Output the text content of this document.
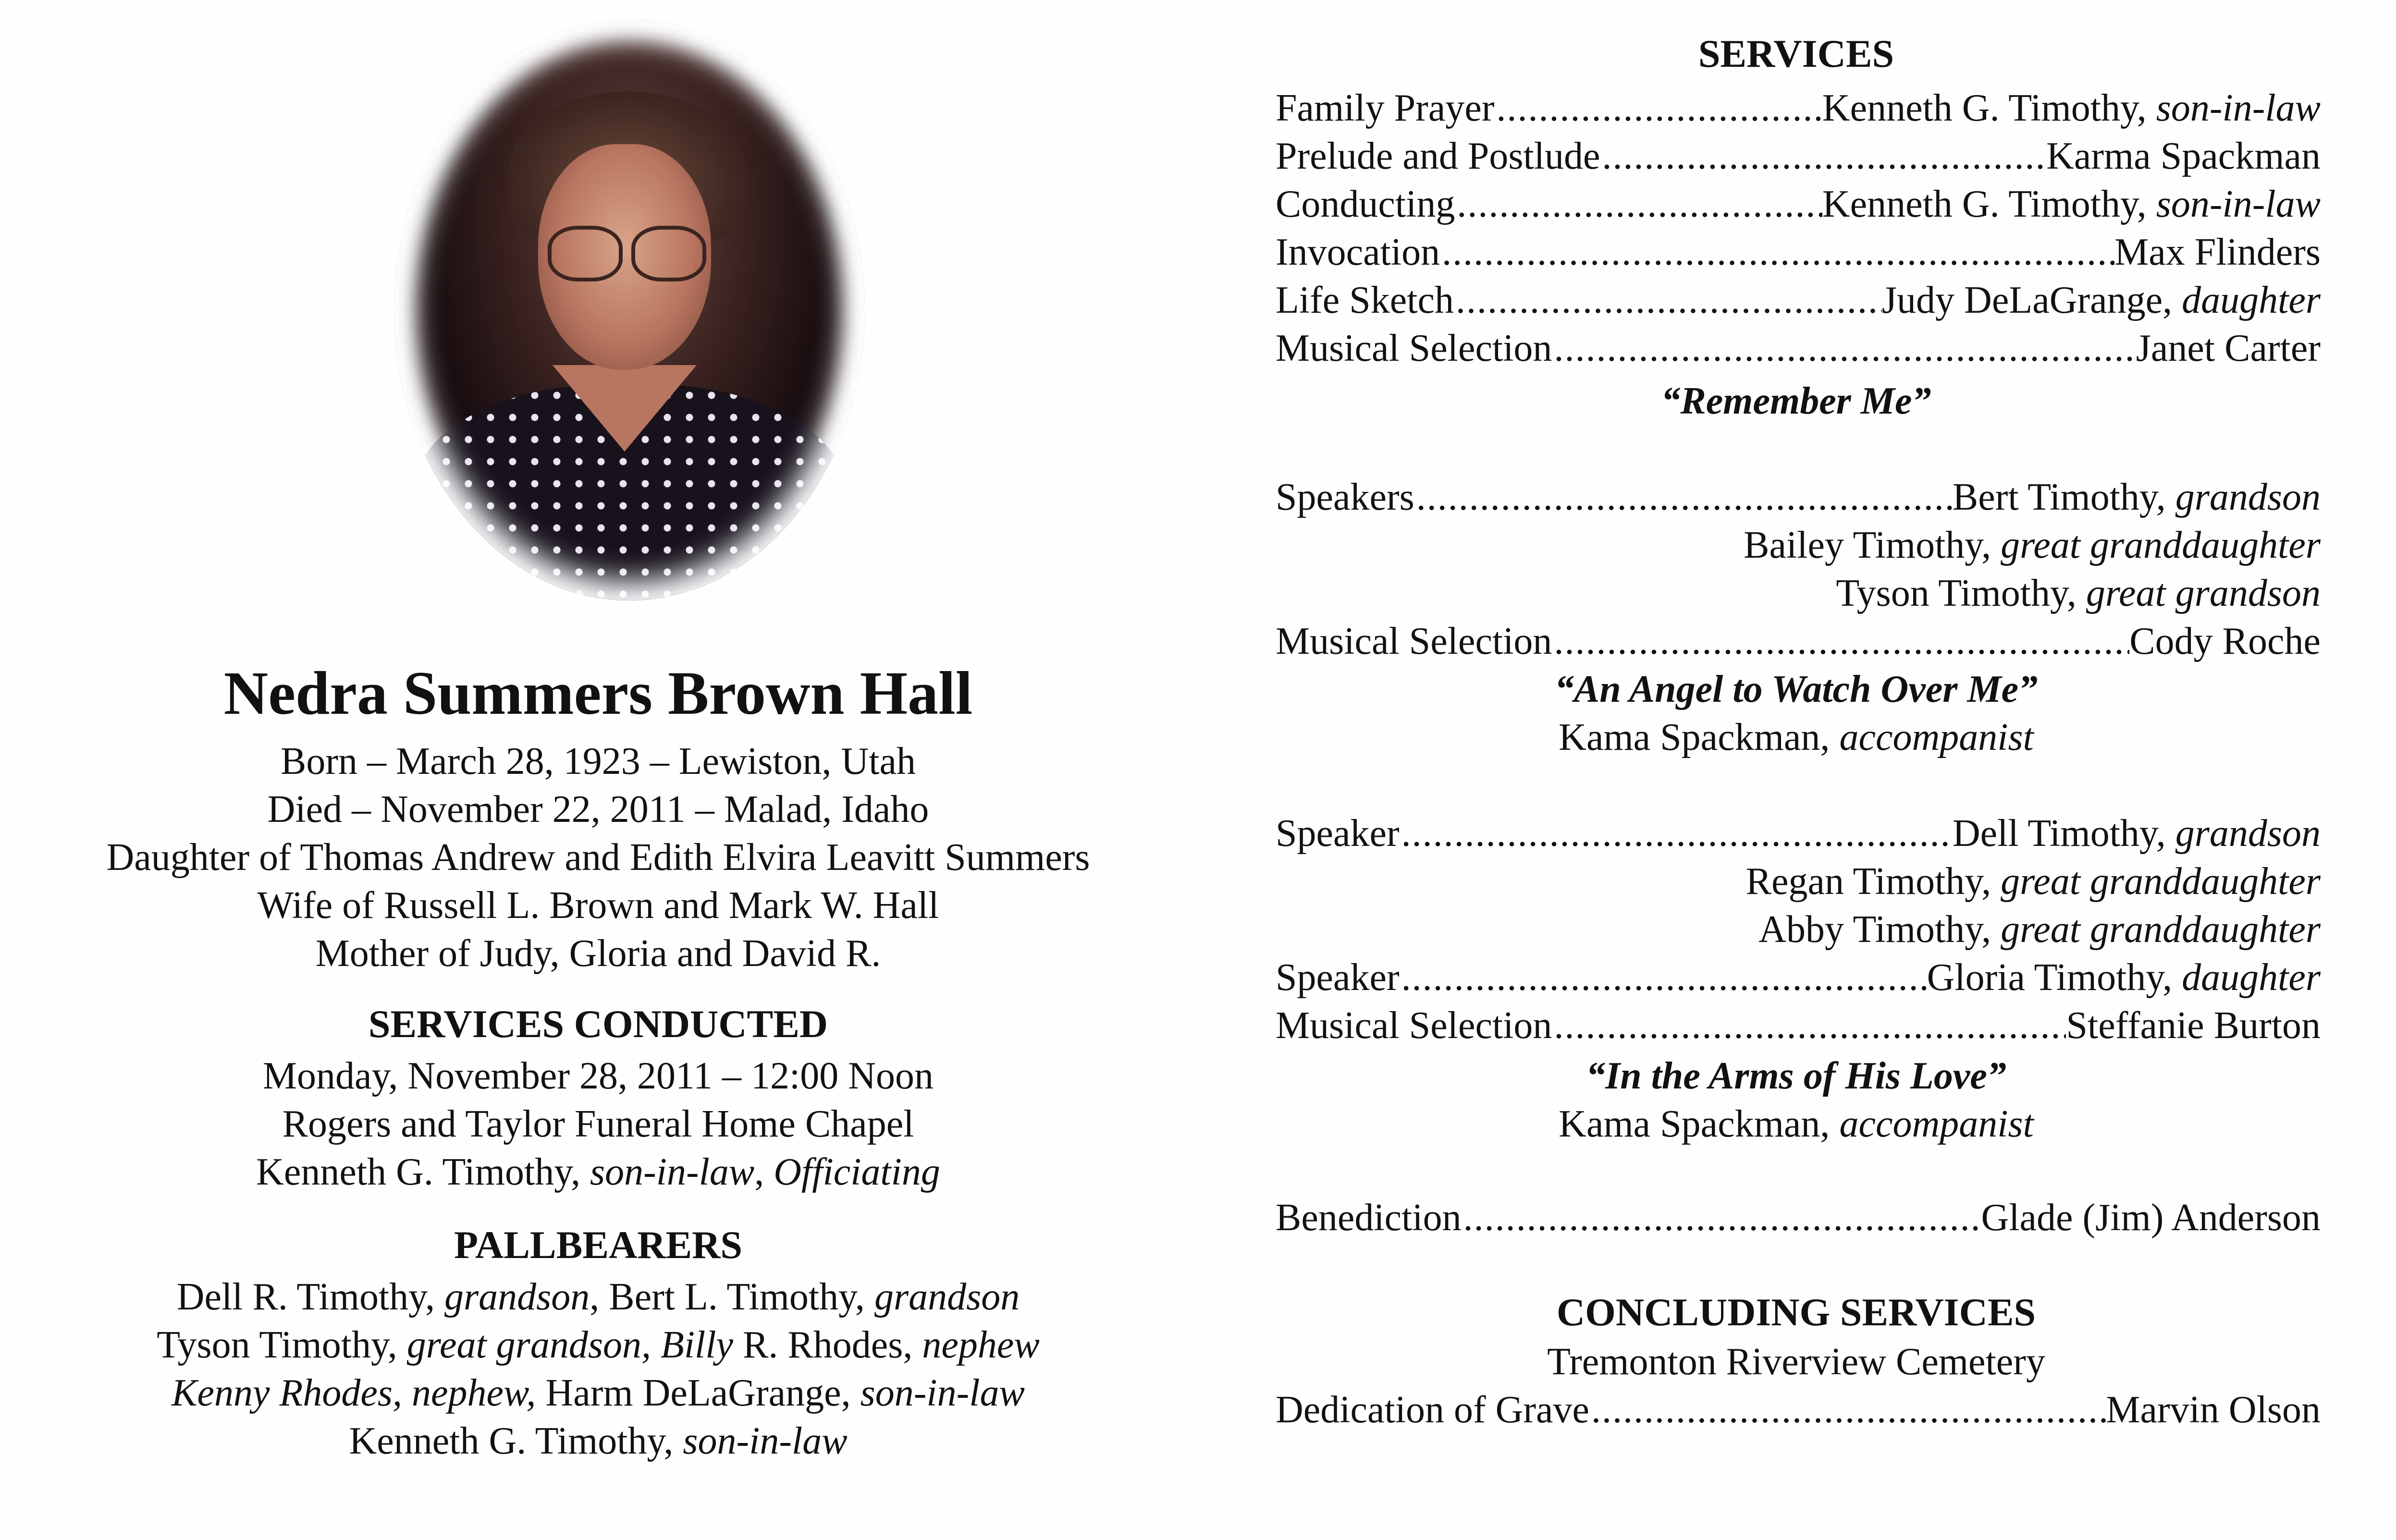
Nedra Summers Brown Hall
Born – March 28, 1923 – Lewiston, Utah
Died – November 22, 2011 – Malad, Idaho
Daughter of Thomas Andrew and Edith Elvira Leavitt Summers
Wife of Russell L. Brown and Mark W. Hall
Mother of Judy, Gloria and David R.
SERVICES CONDUCTED
Monday, November 28, 2011 – 12:00 Noon
Rogers and Taylor Funeral Home Chapel
Kenneth G. Timothy, son-in-law, Officiating
PALLBEARERS
Dell R. Timothy, grandson, Bert L. Timothy, grandson
Tyson Timothy, great grandson, Billy R. Rhodes, nephew
Kenny Rhodes, nephew, Harm DeLaGrange, son-in-law
Kenneth G. Timothy, son-in-law
SERVICES
Family Prayer .....	Kenneth G. Timothy, son-in-law
Prelude and Postlude .....	Karma Spackman
Conducting .....	Kenneth G. Timothy, son-in-law
Invocation .....	Max Flinders
Life Sketch .....	Judy DeLaGrange, daughter
Musical Selection .....	Janet Carter
Speakers .....	Bert Timothy, grandson
Bailey Timothy, great granddaughter
Tyson Timothy, great grandson
Musical Selection .....	Cody Roche
Speaker .....	Dell Timothy, grandson
Regan Timothy, great granddaughter
Abby Timothy, great granddaughter
Speaker .....	Gloria Timothy, daughter
Musical Selection .....	Steffanie Burton
Benediction .....	Glade (Jim) Anderson
Dedication of Grave .....	Marvin Olson
“Remember Me”
“An Angel to Watch Over Me”
Kama Spackman, accompanist
“In the Arms of His Love”
Kama Spackman, accompanist
CONCLUDING SERVICES
Tremonton Riverview Cemetery
